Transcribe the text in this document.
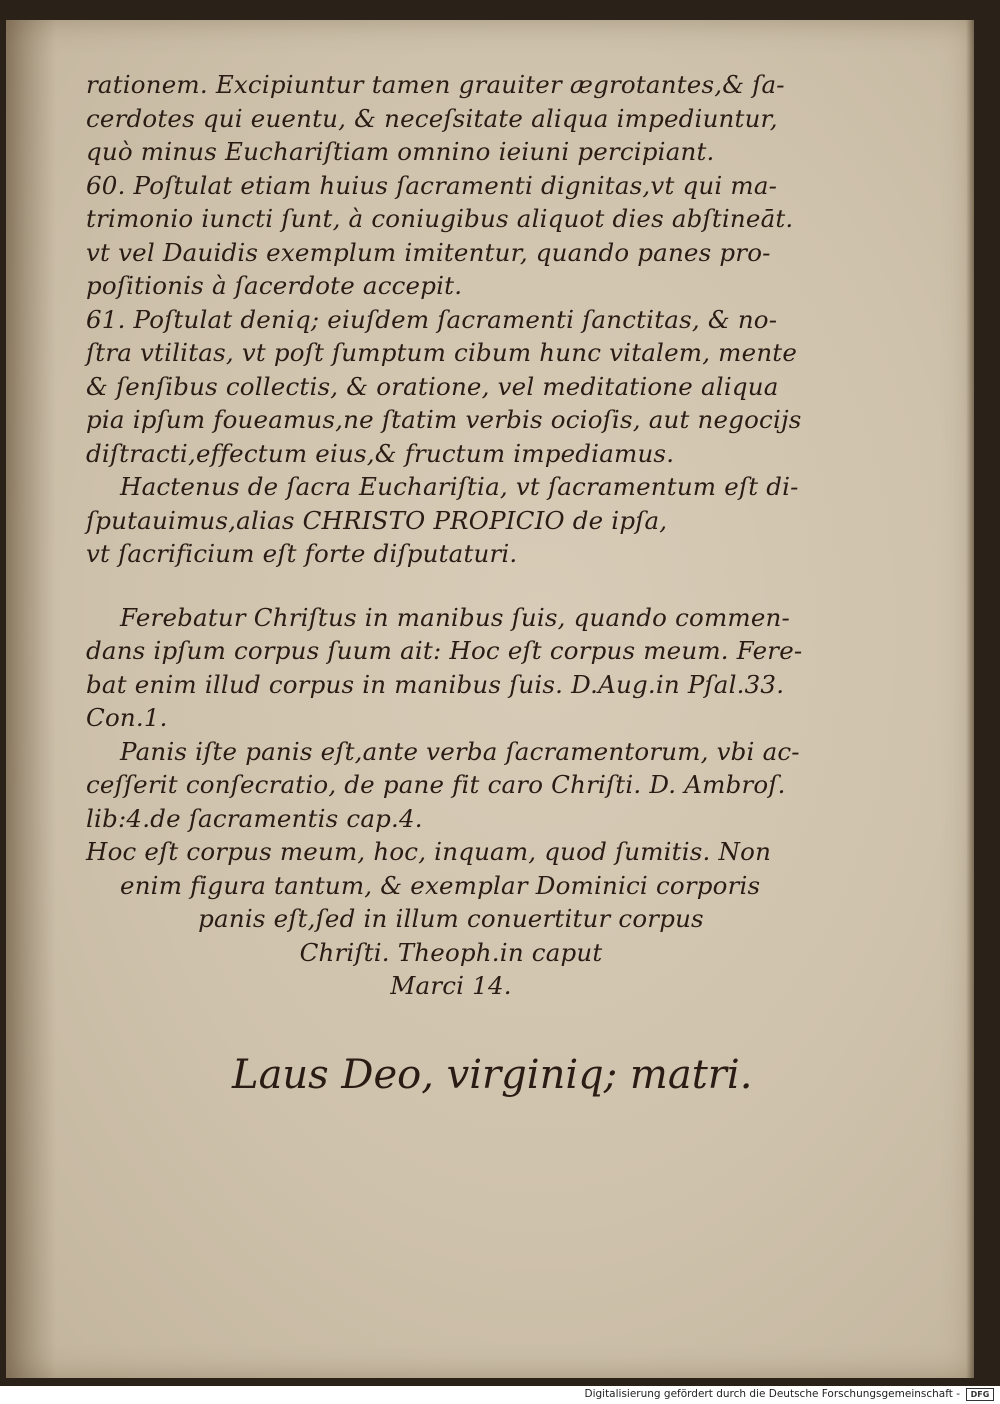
rationem. Excipiuntur tamen grauiter ægrotantes,& ſa-
cerdotes qui euentu, & neceſsitate aliqua impediuntur,
quò minus Euchariſtiam omnino ieiuni percipiant.
60. Poſtulat etiam huius ſacramenti dignitas,vt qui ma-
trimonio iuncti ſunt, à coniugibus aliquot dies abſtineāt.
vt vel Dauidis exemplum imitentur, quando panes pro-
poſitionis à ſacerdote accepit.
61. Poſtulat deniq; eiuſdem ſacramenti ſanctitas, & no-
ſtra vtilitas, vt poſt ſumptum cibum hunc vitalem, mente
& ſenſibus collectis, & oratione, vel meditatione aliqua
pia ipſum foueamus,ne ſtatim verbis ocioſis, aut negocijs
diſtracti,effectum eius,& fructum impediamus.
Hactenus de ſacra Euchariſtia, vt ſacramentum eſt di-
ſputauimus,alias CHRISTO PROPICIO de ipſa,
vt ſacrificium eſt forte diſputaturi.
Ferebatur Chriſtus in manibus ſuis, quando commen-
dans ipſum corpus ſuum ait: Hoc eſt corpus meum. Fere-
bat enim illud corpus in manibus ſuis. D.Aug.in Pſal.33.
Con.1.
Panis iſte panis eſt,ante verba ſacramentorum, vbi ac-
ceſſerit conſecratio, de pane fit caro Chriſti. D. Ambroſ.
lib:4.de ſacramentis cap.4.
Hoc eſt corpus meum, hoc, inquam, quod ſumitis. Non
enim figura tantum, & exemplar Dominici corporis
panis eſt,ſed in illum conuertitur corpus
Chriſti. Theoph.in caput
Marci 14.
Laus Deo, virginiq; matri.
Digitalisierung gefördert durch die Deutsche Forschungsgemeinschaft -	DFG
